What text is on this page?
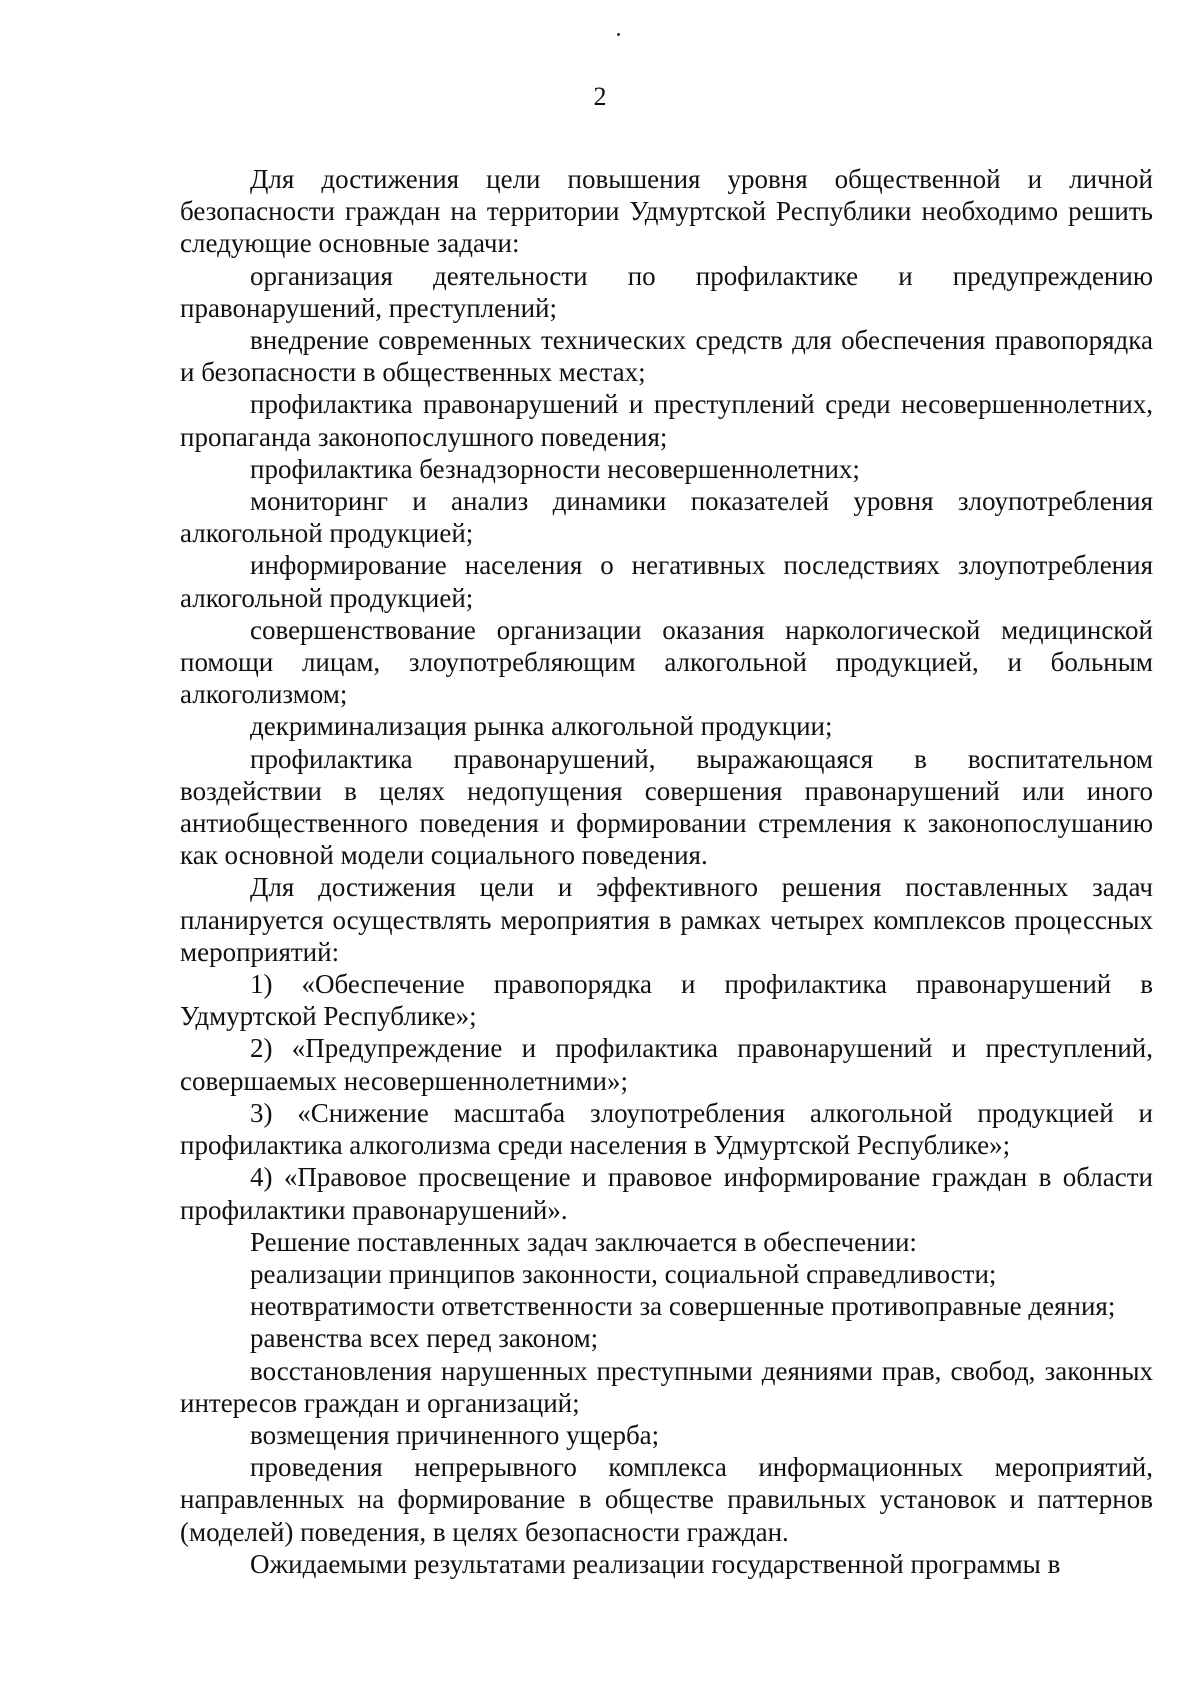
2

Для достижения цели повышения уровня общественной и личной безопасности граждан на территории Удмуртской Республики необходимо решить следующие основные задачи:

организация деятельности по профилактике и предупреждению правонарушений, преступлений;

внедрение современных технических средств для обеспечения правопорядка и безопасности в общественных местах;

профилактика правонарушений и преступлений среди несовершеннолетних, пропаганда законопослушного поведения;

профилактика безнадзорности несовершеннолетних;

мониторинг и анализ динамики показателей уровня злоупотребления алкогольной продукцией;

информирование населения о негативных последствиях злоупотребления алкогольной продукцией;

совершенствование организации оказания наркологической медицинской помощи лицам, злоупотребляющим алкогольной продукцией, и больным алкоголизмом;

декриминализация рынка алкогольной продукции;

профилактика правонарушений, выражающаяся в воспитательном воздействии в целях недопущения совершения правонарушений или иного антиобщественного поведения и формировании стремления к законопослушанию как основной модели социального поведения.

Для достижения цели и эффективного решения поставленных задач планируется осуществлять мероприятия в рамках четырех комплексов процессных мероприятий:

1) «Обеспечение правопорядка и профилактика правонарушений в Удмуртской Республике»;

2) «Предупреждение и профилактика правонарушений и преступлений, совершаемых несовершеннолетними»;

3) «Снижение масштаба злоупотребления алкогольной продукцией и профилактика алкоголизма среди населения в Удмуртской Республике»;

4) «Правовое просвещение и правовое информирование граждан в области профилактики правонарушений».

Решение поставленных задач заключается в обеспечении:

реализации принципов законности, социальной справедливости;

неотвратимости ответственности за совершенные противоправные деяния;

равенства всех перед законом;

восстановления нарушенных преступными деяниями прав, свобод, законных интересов граждан и организаций;

возмещения причиненного ущерба;

проведения непрерывного комплекса информационных мероприятий, направленных на формирование в обществе правильных установок и паттернов (моделей) поведения, в целях безопасности граждан.

Ожидаемыми результатами реализации государственной программы в
